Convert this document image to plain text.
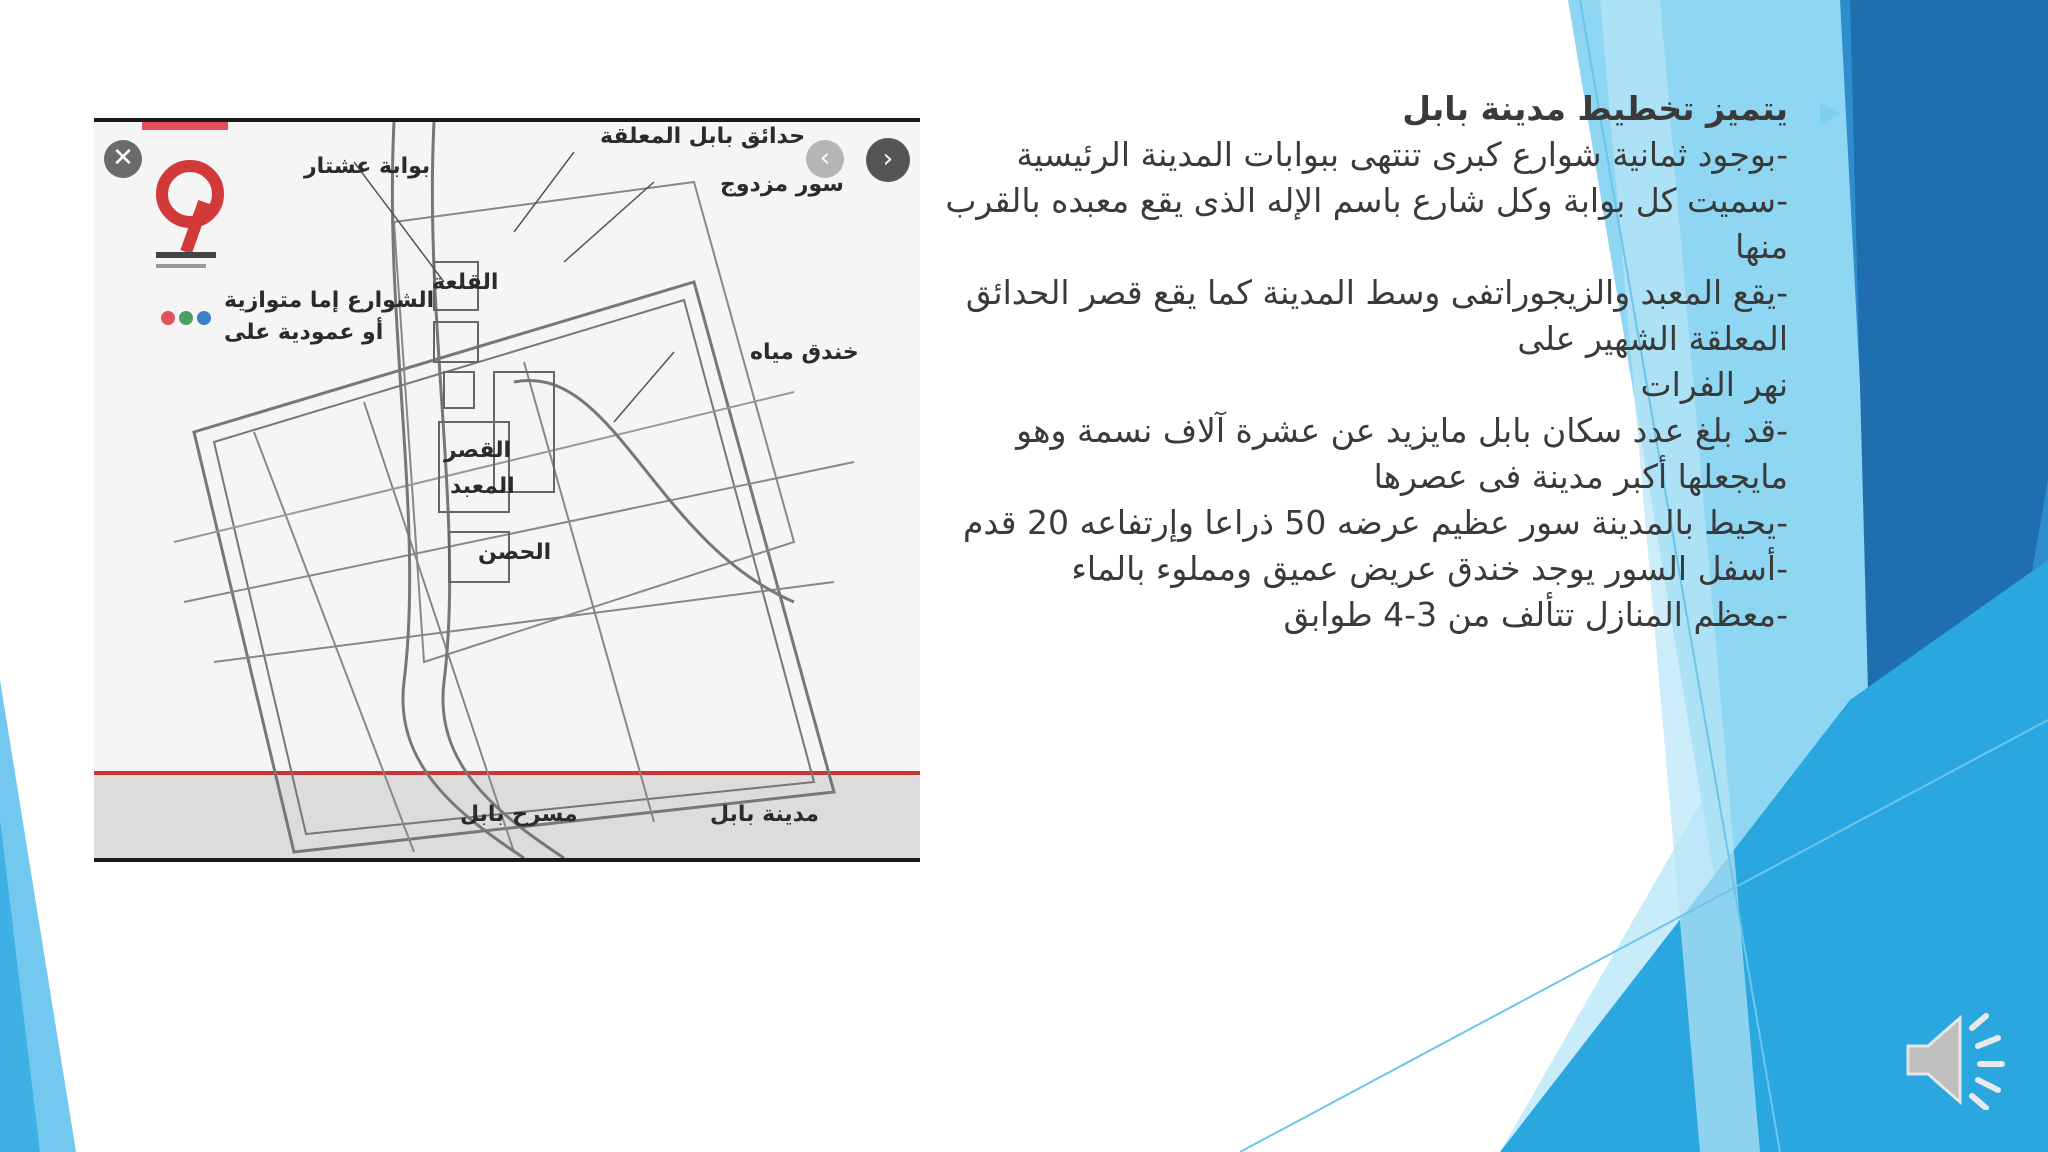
✕	‹	›
بوابة عشتار
حدائق بابل المعلقة
سور مزدوج
القلعة
الشوارع إما متوازية
أو عمودية على
خندق مياه
القصر
المعبد
الحصن
مدينة بابل
مسرح بابل

يتميز تخطيط مدينة بابل

-بوجود ثمانية شوارع كبرى تنتهى ببوابات المدينة الرئيسية

-سميت كل بوابة وكل شارع باسم الإله الذى يقع معبده بالقرب منها

-يقع المعبد والزيجوراتفى وسط المدينة كما يقع قصر الحدائق المعلقة الشهير على

نهر الفرات

-قد بلغ عدد سكان بابل مايزيد عن عشرة آلاف نسمة وهو مايجعلها أكبر مدينة فى عصرها

-يحيط بالمدينة سور عظيم عرضه 50 ذراعا وإرتفاعه 20 قدم

-أسفل السور يوجد خندق عريض عميق ومملوء بالماء

-معظم المنازل تتألف من 3-4 طوابق
